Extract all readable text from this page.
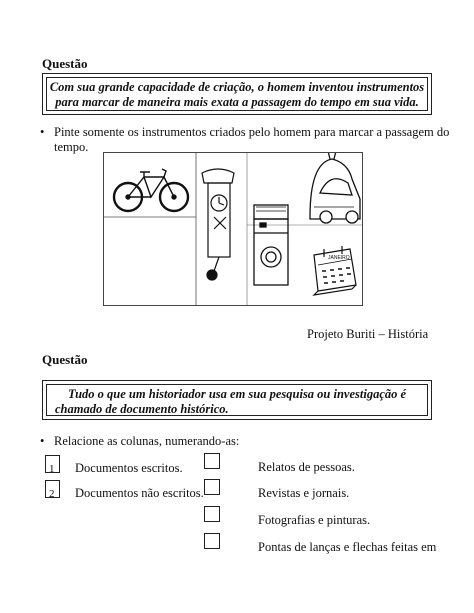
Questão
Com sua grande capacidade de criação, o homem inventou instrumentos
para marcar de maneira mais exata a passagem do tempo em sua vida.
• Pinte somente os instrumentos criados pelo homem para marcar a passagem do
tempo.
JANEIRO
Projeto Buriti – História
Questão
Tudo o que um historiador usa em sua pesquisa ou investigação é
chamado de documento histórico.
• Relacione as colunas, numerando-as:
1	Documentos escritos.
2	Documentos não escritos.
Relatos de pessoas.
Revistas e jornais.
Fotografias e pinturas.
Pontas de lanças e flechas feitas em
